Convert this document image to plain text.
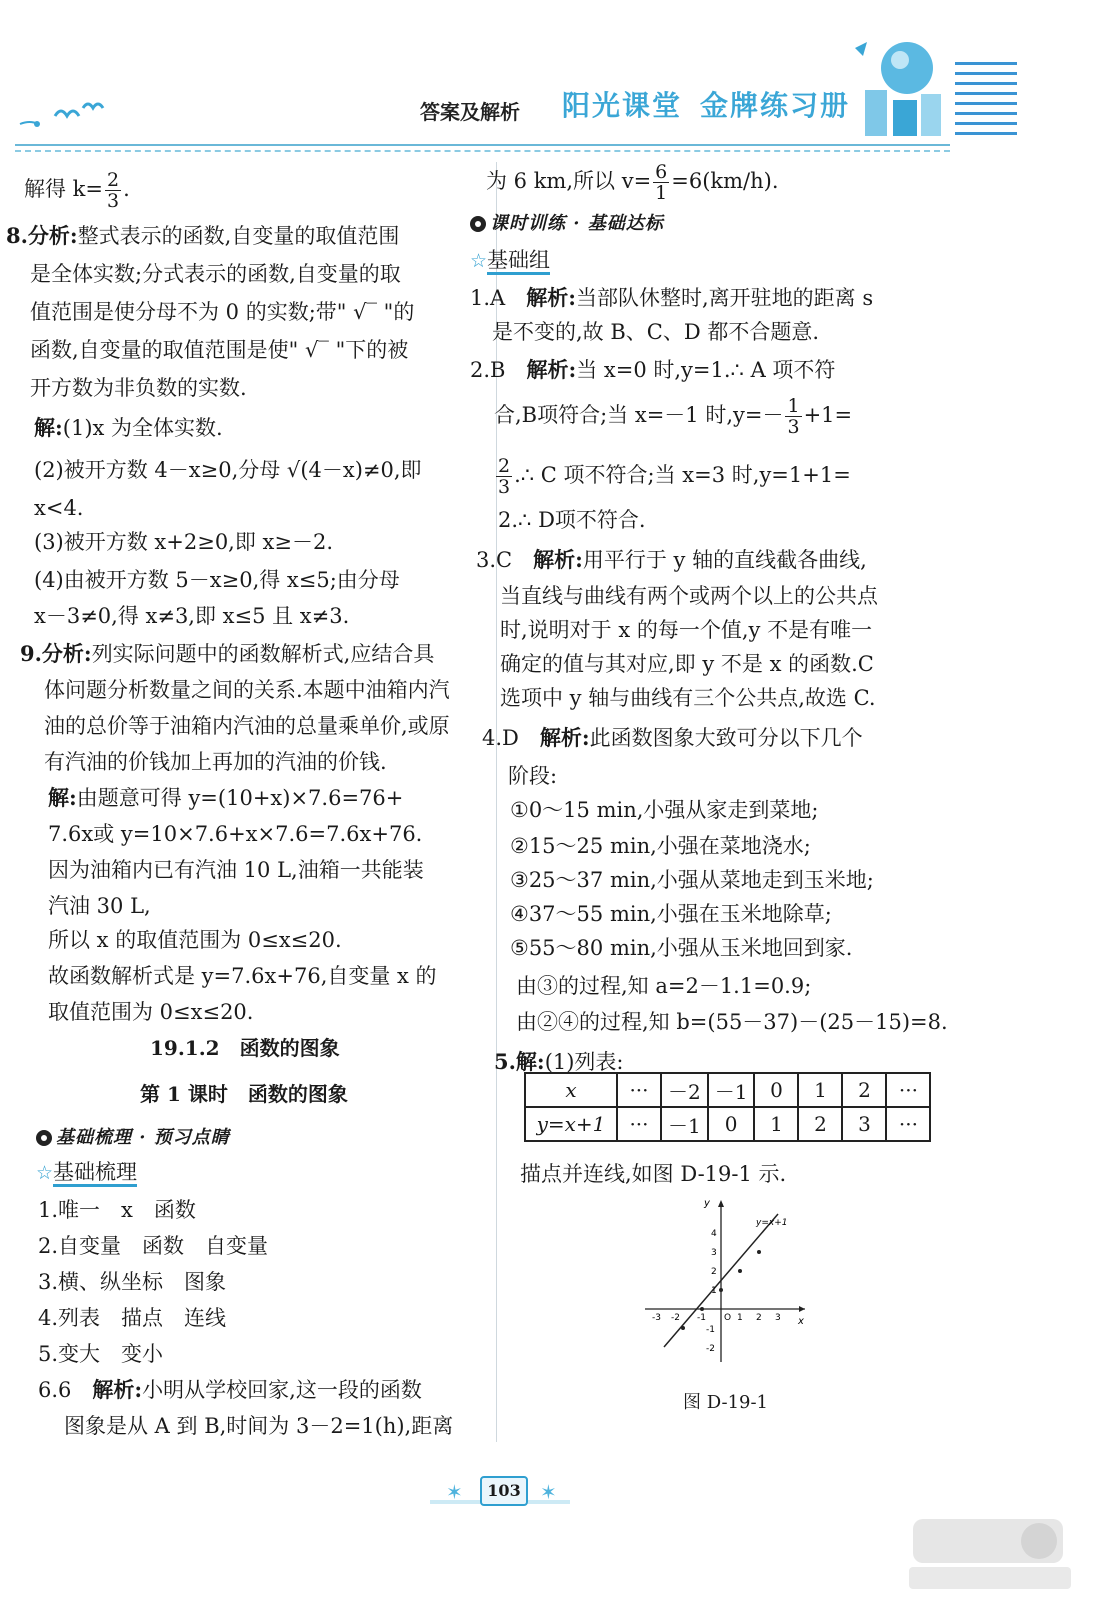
答案及解析 阳光课堂 金牌练习册
解得 $k= \frac{2}{3}$ .
8.分析:整式表示的函数,自变量的取值范围
是全体实数;分式表示的函数,自变量的取
值范围是使分母不为 0 的实数;带" √‾ "的
函数,自变量的取值范围是使" √‾ "下的被
开方数为非负数的实数.
解:(1)x 为全体实数.
(2)被开方数 4－x≥0,分母 √(4－x)≠0,即
x<4.
(3)被开方数 x+2≥0,即 x≥－2.
(4)由被开方数 5－x≥0,得 x≤5;由分母
x－3≠0,得 x≠3,即 x≤5 且 x≠3.
9.分析:列实际问题中的函数解析式,应结合具
体问题分析数量之间的关系.本题中油箱内汽
油的总价等于油箱内汽油的总量乘单价,或原
有汽油的价钱加上再加的汽油的价钱.
解:由题意可得 y=(10+x)×7.6=76+
7.6x或 y=10×7.6+x×7.6=7.6x+76.
因为油箱内已有汽油 10 L,油箱一共能装
汽油 30 L,
所以 x 的取值范围为 0≤x≤20.
故函数解析式是 y=7.6x+76,自变量 x 的
取值范围为 0≤x≤20.
19.1.2　函数的图象
第 1 课时　函数的图象
基础梳理 · 预习点睛
☆基础梳理
1.唯一　x　函数
2.自变量　函数　自变量
3.横、纵坐标　图象
4.列表　描点　连线
5.变大　变小
6.6　解析:小明从学校回家,这一段的函数
图象是从 A 到 B,时间为 3－2=1(h),距离
为 6 km,所以 $v= \frac{6}{1} =6(km/h)$.
课时训练 · 基础达标
☆基础组
1.A　解析:当部队休整时,离开驻地的距离 s
是不变的,故 B、C、D 都不合题意.
2.B　解析:当 x=0 时,y=1.∴ A 项不符
合,B项符合;当 x=－1 时$,y=- \frac{1}{3} +1=$
$\frac{2}{3}$ .∴ C 项不符合;当 x=3 时,y=1+1=
2.∴ D项不符合.
3.C　解析:用平行于 y 轴的直线截各曲线,
当直线与曲线有两个或两个以上的公共点
时,说明对于 x 的每一个值,y 不是有唯一
确定的值与其对应,即 y 不是 x 的函数.C
选项中 y 轴与曲线有三个公共点,故选 C.
4.D　解析:此函数图象大致可分以下几个
阶段:
①0～15 min,小强从家走到菜地;
②15～25 min,小强在菜地浇水;
③25～37 min,小强从菜地走到玉米地;
④37～55 min,小强在玉米地除草;
⑤55～80 min,小强从玉米地回到家.
由③的过程,知 a=2－1.1=0.9;
由②④的过程,知 b=(55－37)－(25－15)=8.
5.解:(1)列表:
描点并连线,如图 D-19-1 示.
x	···	－2	－1	0	1	2	···
y=x+1	···	－1	0	1	2	3	···
y
x
y=x+1
O
-3 -2 -1	1 2 3
4
3
2
1
-1
-2
图 D-19-1
✶	✶
103
